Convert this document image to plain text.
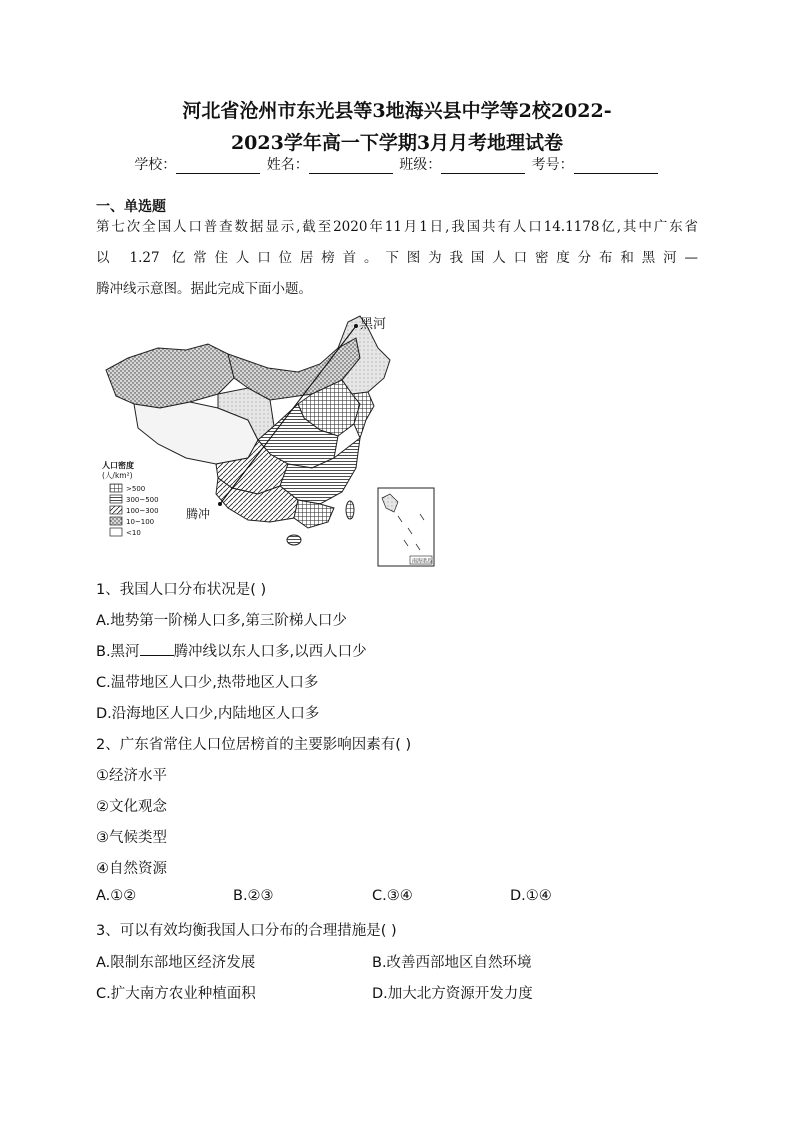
河北省沧州市东光县等3地海兴县中学等2校2022-
2023学年高一下学期3月月考地理试卷
学校：	姓名：	班级：	考号：
一、单选题
第七次全国人口普查数据显示,截至2020年11月1日,我国共有人口14.1178亿,其中广东省
以 1.27 亿常住人口位居榜首。下图为我国人口密度分布和黑河—
腾冲线示意图。据此完成下面小题。
黑河
腾冲
人口密度
(人/km²)
>500
300~500
100~300
10~100
<10
南海诸岛
1、我国人口分布状况是( )
A.地势第一阶梯人口多,第三阶梯人口少
B.黑河 腾冲线以东人口多,以西人口少
C.温带地区人口少,热带地区人口多
D.沿海地区人口少,内陆地区人口多
2、广东省常住人口位居榜首的主要影响因素有( )
①经济水平
②文化观念
③气候类型
④自然资源
A.①②	B.②③	C.③④	D.①④
3、可以有效均衡我国人口分布的合理措施是( )
A.限制东部地区经济发展	B.改善西部地区自然环境
C.扩大南方农业种植面积	D.加大北方资源开发力度
